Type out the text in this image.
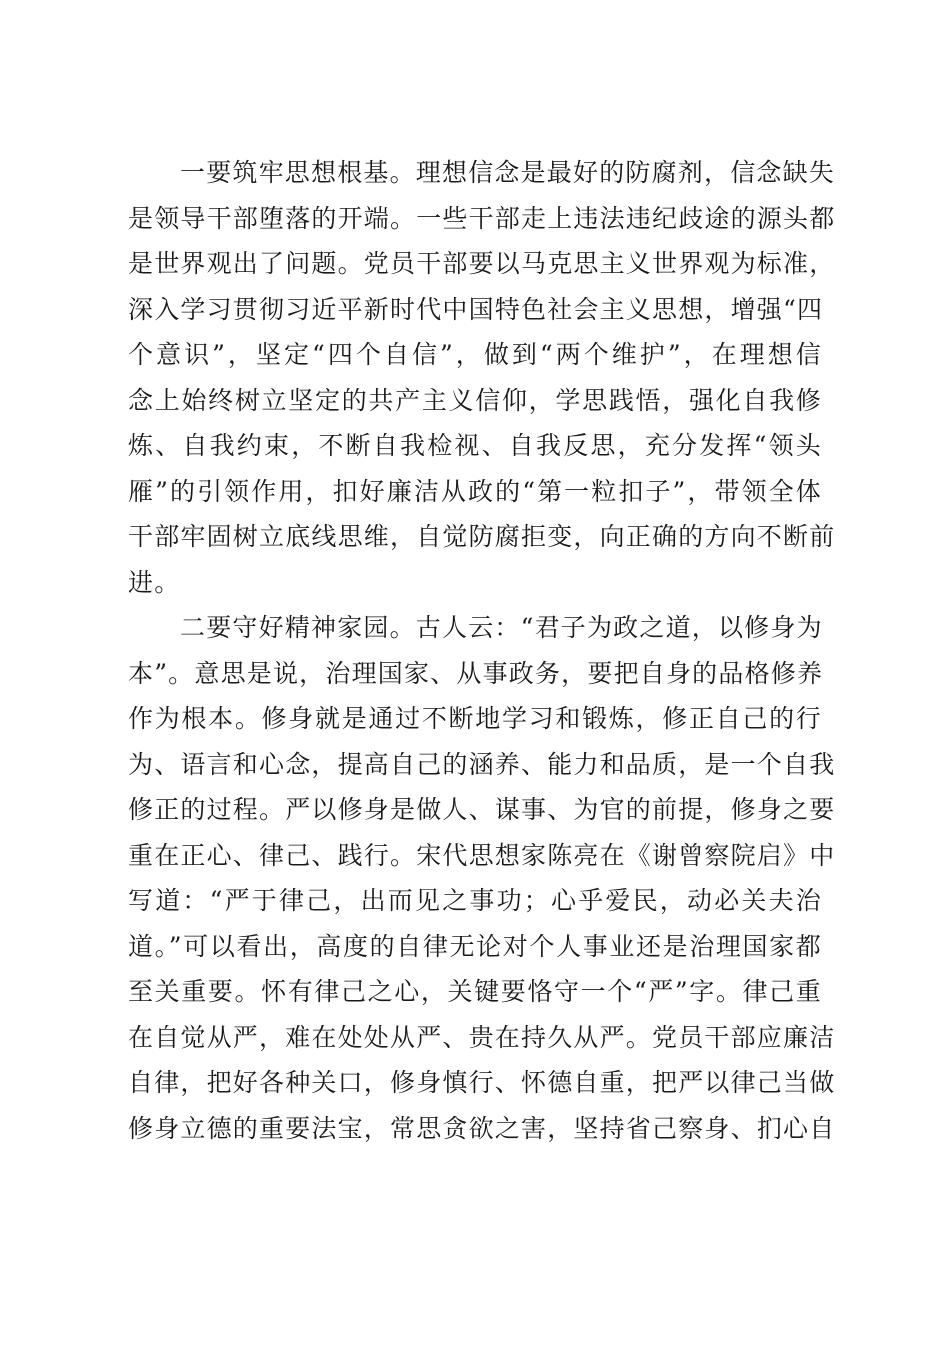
一要筑牢思想根基。理想信念是最好的防腐剂，信念缺失
是领导干部堕落的开端。一些干部走上违法违纪歧途的源头都
是世界观出了问题。党员干部要以马克思主义世界观为标准，
深入学习贯彻习近平新时代中国特色社会主义思想，增强“四
个意识”，坚定“四个自信”，做到“两个维护”，在理想信
念上始终树立坚定的共产主义信仰，学思践悟，强化自我修
炼、自我约束，不断自我检视、自我反思，充分发挥“领头
雁”的引领作用，扣好廉洁从政的“第一粒扣子”，带领全体
干部牢固树立底线思维，自觉防腐拒变，向正确的方向不断前
进。
二要守好精神家园。古人云：“君子为政之道，以修身为
本”。意思是说，治理国家、从事政务，要把自身的品格修养
作为根本。修身就是通过不断地学习和锻炼，修正自己的行
为、语言和心念，提高自己的涵养、能力和品质，是一个自我
修正的过程。严以修身是做人、谋事、为官的前提，修身之要
重在正心、律己、践行。宋代思想家陈亮在《谢曾察院启》中
写道：“严于律己，出而见之事功；心乎爱民，动必关夫治
道。”可以看出，高度的自律无论对个人事业还是治理国家都
至关重要。怀有律己之心，关键要恪守一个“严”字。律己重
在自觉从严，难在处处从严、贵在持久从严。党员干部应廉洁
自律，把好各种关口，修身慎行、怀德自重，把严以律己当做
修身立德的重要法宝，常思贪欲之害，坚持省己察身、扪心自
